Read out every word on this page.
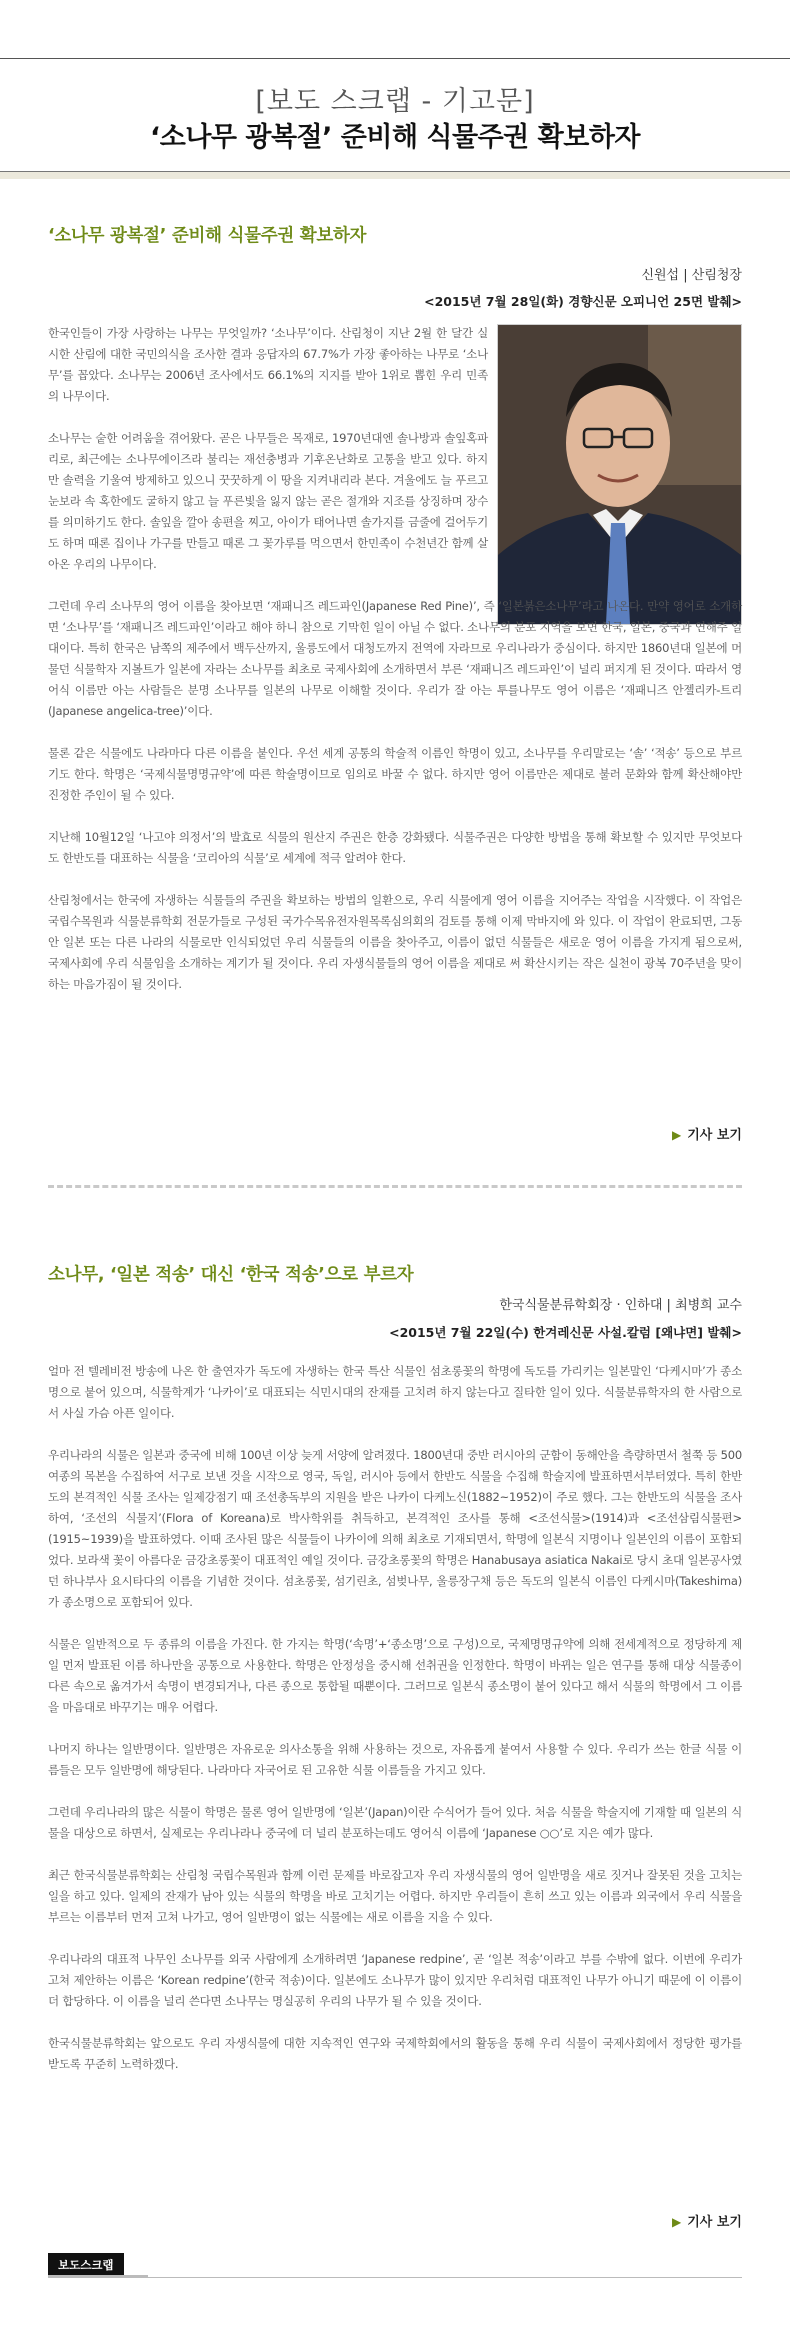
[보도 스크랩 - 기고문]
‘소나무 광복절’ 준비해 식물주권 확보하자
‘소나무 광복절’ 준비해 식물주권 확보하자
신원섭 | 산림청장
<2015년 7월 28일(화) 경향신문 오피니언 25면 발췌>

한국인들이 가장 사랑하는 나무는 무엇일까? ‘소나무’이다. 산림청이 지난 2월 한 달간 실시한 산림에 대한 국민의식을 조사한 결과 응답자의 67.7%가 가장 좋아하는 나무로 ‘소나무’를 꼽았다. 소나무는 2006년 조사에서도 66.1%의 지지를 받아 1위로 뽑힌 우리 민족의 나무이다.

소나무는 숱한 어려움을 겪어왔다. 곧은 나무들은 목재로, 1970년대엔 솔나방과 솔잎혹파리로, 최근에는 소나무에이즈라 불리는 재선충병과 기후온난화로 고통을 받고 있다. 하지만 솔력을 기울여 방제하고 있으니 꿋꿋하게 이 땅을 지켜내리라 본다. 겨울에도 늘 푸르고 눈보라 속 혹한에도 굴하지 않고 늘 푸른빛을 잃지 않는 곧은 절개와 지조를 상징하며 장수를 의미하기도 한다. 솔잎을 깔아 송편을 찌고, 아이가 태어나면 솔가지를 금줄에 걸어두기도 하며 때론 집이나 가구를 만들고 때론 그 꽃가루를 먹으면서 한민족이 수천년간 함께 살아온 우리의 나무이다.

그런데 우리 소나무의 영어 이름을 찾아보면 ‘재패니즈 레드파인(Japanese Red Pine)’, 즉 ‘일본붉은소나무’라고 나온다. 만약 영어로 소개하면 ‘소나무’를 ‘재패니즈 레드파인’이라고 해야 하니 참으로 기막힌 일이 아닐 수 없다. 소나무의 분포 지역을 보면 한국, 일본, 중국과 연해주 일대이다. 특히 한국은 남쪽의 제주에서 백두산까지, 울릉도에서 대청도까지 전역에 자라므로 우리나라가 중심이다. 하지만 1860년대 일본에 머물던 식물학자 지볼트가 일본에 자라는 소나무를 최초로 국제사회에 소개하면서 부른 ‘재패니즈 레드파인’이 널리 퍼지게 된 것이다. 따라서 영어식 이름만 아는 사람들은 분명 소나무를 일본의 나무로 이해할 것이다. 우리가 잘 아는 투를나무도 영어 이름은 ‘재패니즈 안젤리카-트리(Japanese angelica-tree)’이다.

물론 같은 식물에도 나라마다 다른 이름을 붙인다. 우선 세계 공통의 학술적 이름인 학명이 있고, 소나무를 우리말로는 ‘솔’ ‘적송’ 등으로 부르기도 한다. 학명은 ‘국제식물명명규약’에 따른 학술명이므로 임의로 바꿀 수 없다. 하지만 영어 이름만은 제대로 불러 문화와 함께 확산해야만 진정한 주인이 될 수 있다.

지난해 10월12일 ‘나고야 의정서’의 발효로 식물의 원산지 주권은 한층 강화됐다. 식물주권은 다양한 방법을 통해 확보할 수 있지만 무엇보다도 한반도를 대표하는 식물을 ‘코리아의 식물’로 세계에 적극 알려야 한다.

산림청에서는 한국에 자생하는 식물들의 주권을 확보하는 방법의 일환으로, 우리 식물에게 영어 이름을 지어주는 작업을 시작했다. 이 작업은 국립수목원과 식물분류학회 전문가들로 구성된 국가수목유전자원목록심의회의 검토를 통해 이제 막바지에 와 있다. 이 작업이 완료되면, 그동안 일본 또는 다른 나라의 식물로만 인식되었던 우리 식물들의 이름을 찾아주고, 이름이 없던 식물들은 새로운 영어 이름을 가지게 됨으로써, 국제사회에 우리 식물임을 소개하는 계기가 될 것이다. 우리 자생식물들의 영어 이름을 제대로 써 확산시키는 작은 실천이 광복 70주년을 맞이하는 마음가짐이 될 것이다.

▶ 기사 보기
소나무, ‘일본 적송’ 대신 ‘한국 적송’으로 부르자
한국식물분류학회장 · 인하대 | 최병희 교수
<2015년 7월 22일(수) 한겨레신문 사설.칼럼 [왜냐면] 발췌>

얼마 전 텔레비전 방송에 나온 한 출연자가 독도에 자생하는 한국 특산 식물인 섬초롱꽃의 학명에 독도를 가리키는 일본말인 ‘다케시마’가 종소명으로 붙어 있으며, 식물학계가 ‘나카이’로 대표되는 식민시대의 잔재를 고치려 하지 않는다고 질타한 일이 있다. 식물분류학자의 한 사람으로서 사실 가슴 아픈 일이다.

우리나라의 식물은 일본과 중국에 비해 100년 이상 늦게 서양에 알려졌다. 1800년대 중반 러시아의 군함이 동해안을 측량하면서 철쭉 등 500여종의 목본을 수집하여 서구로 보낸 것을 시작으로 영국, 독일, 러시아 등에서 한반도 식물을 수집해 학술지에 발표하면서부터였다. 특히 한반도의 본격적인 식물 조사는 일제강점기 때 조선총독부의 지원을 받은 나카이 다케노신(1882~1952)이 주로 했다. 그는 한반도의 식물을 조사하여, ‘조선의 식물지’(Flora of Koreana)로 박사학위를 취득하고, 본격적인 조사를 통해 <조선식물>(1914)과 <조선삼림식물편>(1915~1939)을 발표하였다. 이때 조사된 많은 식물들이 나카이에 의해 최초로 기재되면서, 학명에 일본식 지명이나 일본인의 이름이 포함되었다. 보라색 꽃이 아름다운 금강초롱꽃이 대표적인 예일 것이다. 금강초롱꽃의 학명은 Hanabusaya asiatica Nakai로 당시 초대 일본공사였던 하나부사 요시타다의 이름을 기념한 것이다. 섬초롱꽃, 섬기린초, 섬벚나무, 울릉장구채 등은 독도의 일본식 이름인 다케시마(Takeshima)가 종소명으로 포함되어 있다.

식물은 일반적으로 두 종류의 이름을 가진다. 한 가지는 학명(‘속명’+‘종소명’으로 구성)으로, 국제명명규약에 의해 전세계적으로 정당하게 제일 먼저 발표된 이름 하나만을 공통으로 사용한다. 학명은 안정성을 중시해 선취권을 인정한다. 학명이 바뀌는 일은 연구를 통해 대상 식물종이 다른 속으로 옮겨가서 속명이 변경되거나, 다른 종으로 통합될 때뿐이다. 그러므로 일본식 종소명이 붙어 있다고 해서 식물의 학명에서 그 이름을 마음대로 바꾸기는 매우 어렵다.

나머지 하나는 일반명이다. 일반명은 자유로운 의사소통을 위해 사용하는 것으로, 자유롭게 붙여서 사용할 수 있다. 우리가 쓰는 한글 식물 이름들은 모두 일반명에 해당된다. 나라마다 자국어로 된 고유한 식물 이름들을 가지고 있다.

그런데 우리나라의 많은 식물이 학명은 물론 영어 일반명에 ‘일본’(Japan)이란 수식어가 들어 있다. 처음 식물을 학술지에 기재할 때 일본의 식물을 대상으로 하면서, 실제로는 우리나라나 중국에 더 널리 분포하는데도 영어식 이름에 ‘Japanese ○○’로 지은 예가 많다.

최근 한국식물분류학회는 산림청 국립수목원과 함께 이런 문제를 바로잡고자 우리 자생식물의 영어 일반명을 새로 짓거나 잘못된 것을 고치는 일을 하고 있다. 일제의 잔재가 남아 있는 식물의 학명을 바로 고치기는 어렵다. 하지만 우리들이 흔히 쓰고 있는 이름과 외국에서 우리 식물을 부르는 이름부터 먼저 고쳐 나가고, 영어 일반명이 없는 식물에는 새로 이름을 지을 수 있다.

우리나라의 대표적 나무인 소나무를 외국 사람에게 소개하려면 ‘Japanese redpine’, 곧 ‘일본 적송’이라고 부를 수밖에 없다. 이번에 우리가 고쳐 제안하는 이름은 ‘Korean redpine’(한국 적송)이다. 일본에도 소나무가 많이 있지만 우리처럼 대표적인 나무가 아니기 때문에 이 이름이 더 합당하다. 이 이름을 널리 쓴다면 소나무는 명실공히 우리의 나무가 될 수 있을 것이다.

한국식물분류학회는 앞으로도 우리 자생식물에 대한 지속적인 연구와 국제학회에서의 활동을 통해 우리 식물이 국제사회에서 정당한 평가를 받도록 꾸준히 노력하겠다.

▶ 기사 보기
보도스크랩
